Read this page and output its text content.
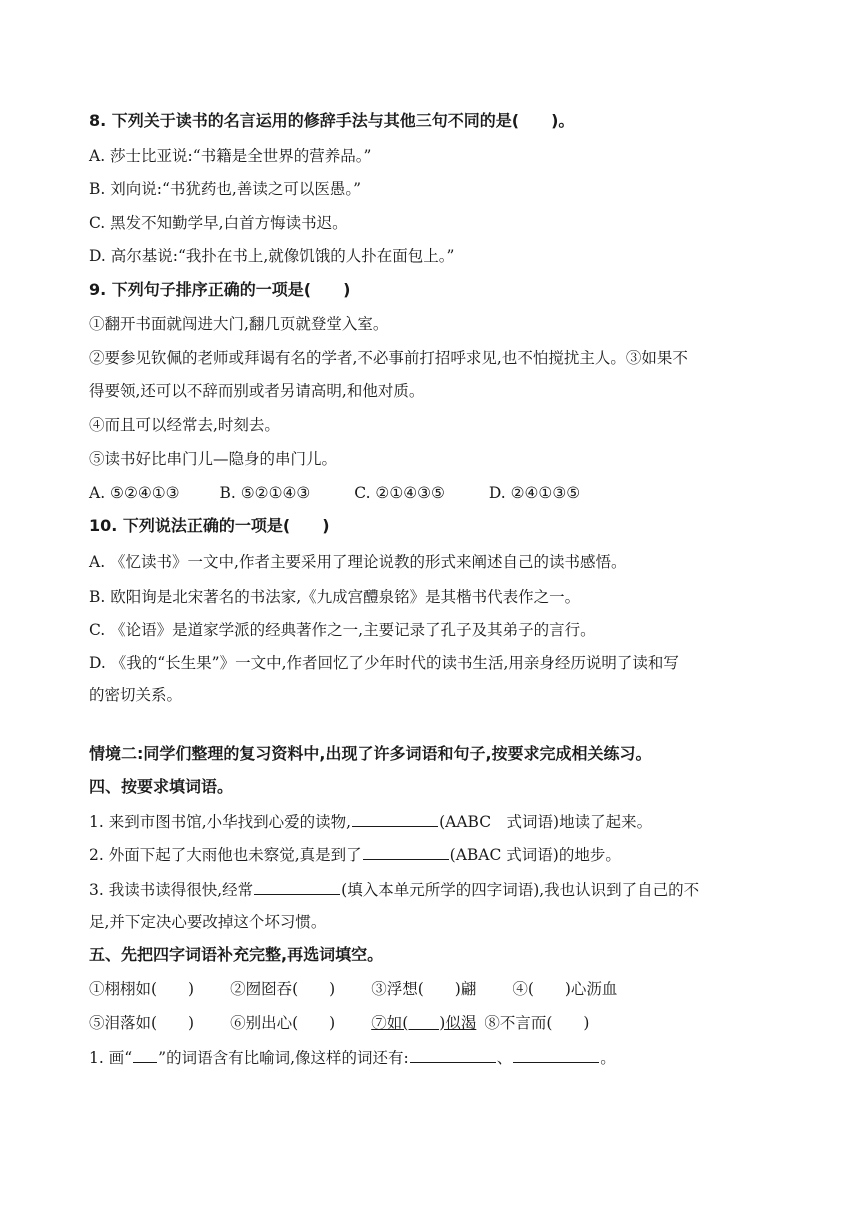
8. 下列关于读书的名言运用的修辞手法与其他三句不同的是(　　)。
A. 莎士比亚说:“书籍是全世界的营养品。”
B. 刘向说:“书犹药也,善读之可以医愚。”
C. 黑发不知勤学早,白首方悔读书迟。
D. 高尔基说:“我扑在书上,就像饥饿的人扑在面包上。”
9. 下列句子排序正确的一项是(　　)
①翻开书面就闯进大门,翻几页就登堂入室。
②要参见钦佩的老师或拜谒有名的学者,不必事前打招呼求见,也不怕搅扰主人。③如果不
得要领,还可以不辞而别或者另请高明,和他对质。
④而且可以经常去,时刻去。
⑤读书好比串门儿—隐身的串门儿。
A. ⑤②④①③	B. ⑤②①④③	C. ②①④③⑤	D. ②④①③⑤
10. 下列说法正确的一项是(　　)
A. 《忆读书》一文中,作者主要采用了理论说教的形式来阐述自己的读书感悟。
B. 欧阳询是北宋著名的书法家,《九成宫醴泉铭》是其楷书代表作之一。
C. 《论语》是道家学派的经典著作之一,主要记录了孔子及其弟子的言行。
D. 《我的“长生果”》一文中,作者回忆了少年时代的读书生活,用亲身经历说明了读和写
的密切关系。
情境二:同学们整理的复习资料中,出现了许多词语和句子,按要求完成相关练习。
四、按要求填词语。
1. 来到市图书馆,小华找到心爱的读物,	(AABC　式词语)地读了起来。
2. 外面下起了大雨他也未察觉,真是到了	(ABAC 式词语)的地步。
3. 我读书读得很快,经常	(填入本单元所学的四字词语),我也认识到了自己的不
足,并下定决心要改掉这个坏习惯。
五、先把四字词语补充完整,再选词填空。
①栩栩如(　　) ②囫囵吞(　　) ③浮想(　　)翩 ④(　　)心沥血
⑤泪落如(　　) ⑥别出心(　　) ⑦如(　　)似渴 ⑧不言而(　　)
1. 画“ ”的词语含有比喻词,像这样的词还有:	、	。
